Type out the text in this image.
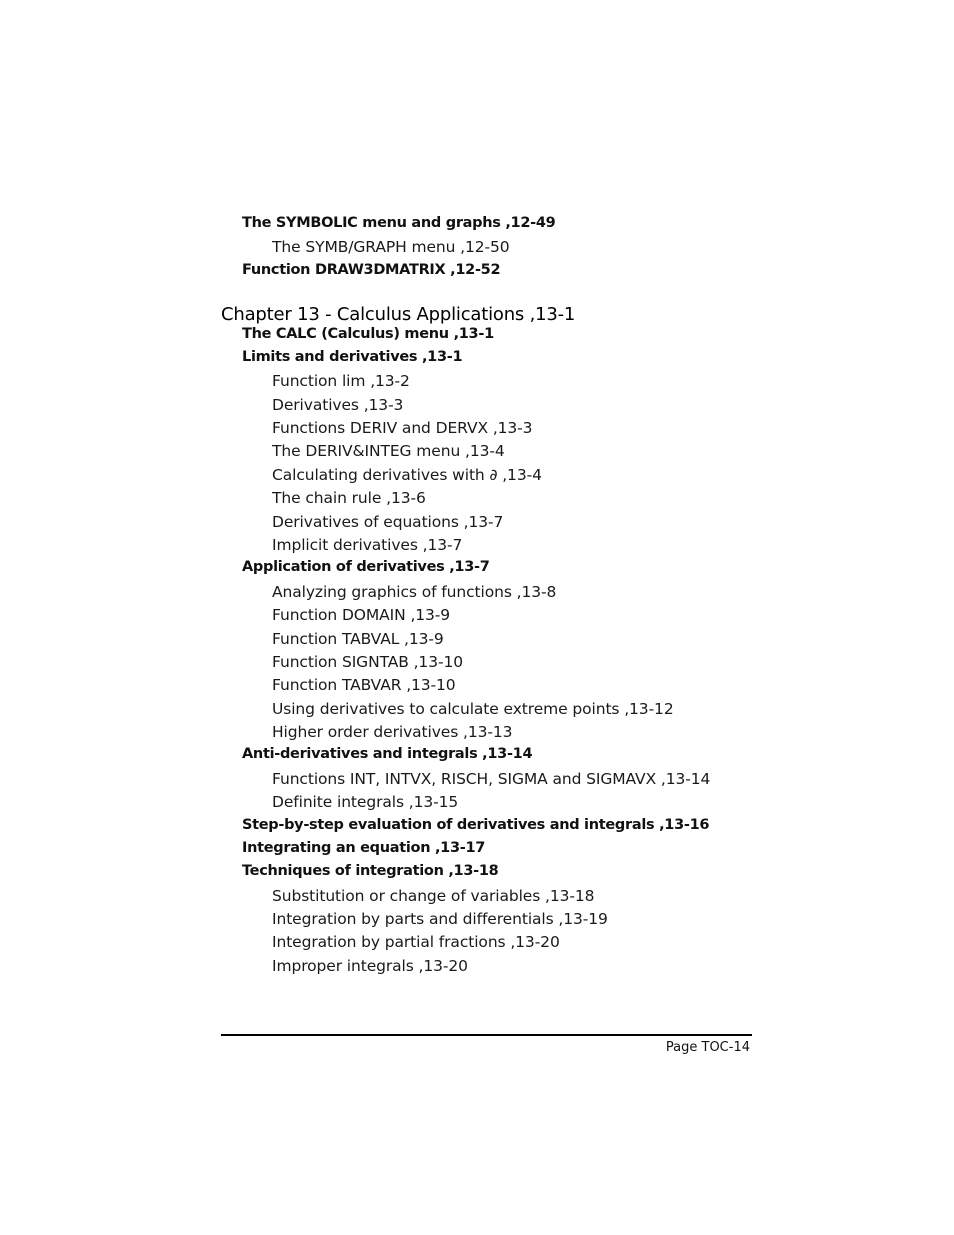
The SYMBOLIC menu and graphs ,12-49
The SYMB/GRAPH menu ,12-50
Function DRAW3DMATRIX ,12-52
Chapter 13 - Calculus Applications ,13-1
The CALC (Calculus) menu ,13-1
Limits and derivatives ,13-1
Function lim ,13-2
Derivatives ,13-3
Functions DERIV and DERVX ,13-3
The DERIV&INTEG menu ,13-4
Calculating derivatives with ∂ ,13-4
The chain rule ,13-6
Derivatives of equations ,13-7
Implicit derivatives ,13-7
Application of derivatives ,13-7
Analyzing graphics of functions ,13-8
Function DOMAIN ,13-9
Function TABVAL ,13-9
Function SIGNTAB ,13-10
Function TABVAR ,13-10
Using derivatives to calculate extreme points ,13-12
Higher order derivatives ,13-13
Anti-derivatives and integrals ,13-14
Functions INT, INTVX, RISCH, SIGMA and SIGMAVX ,13-14
Definite integrals ,13-15
Step-by-step evaluation of derivatives and integrals ,13-16
Integrating an equation ,13-17
Techniques of integration ,13-18
Substitution or change of variables ,13-18
Integration by parts and differentials ,13-19
Integration by partial fractions ,13-20
Improper integrals ,13-20
Page TOC-14
